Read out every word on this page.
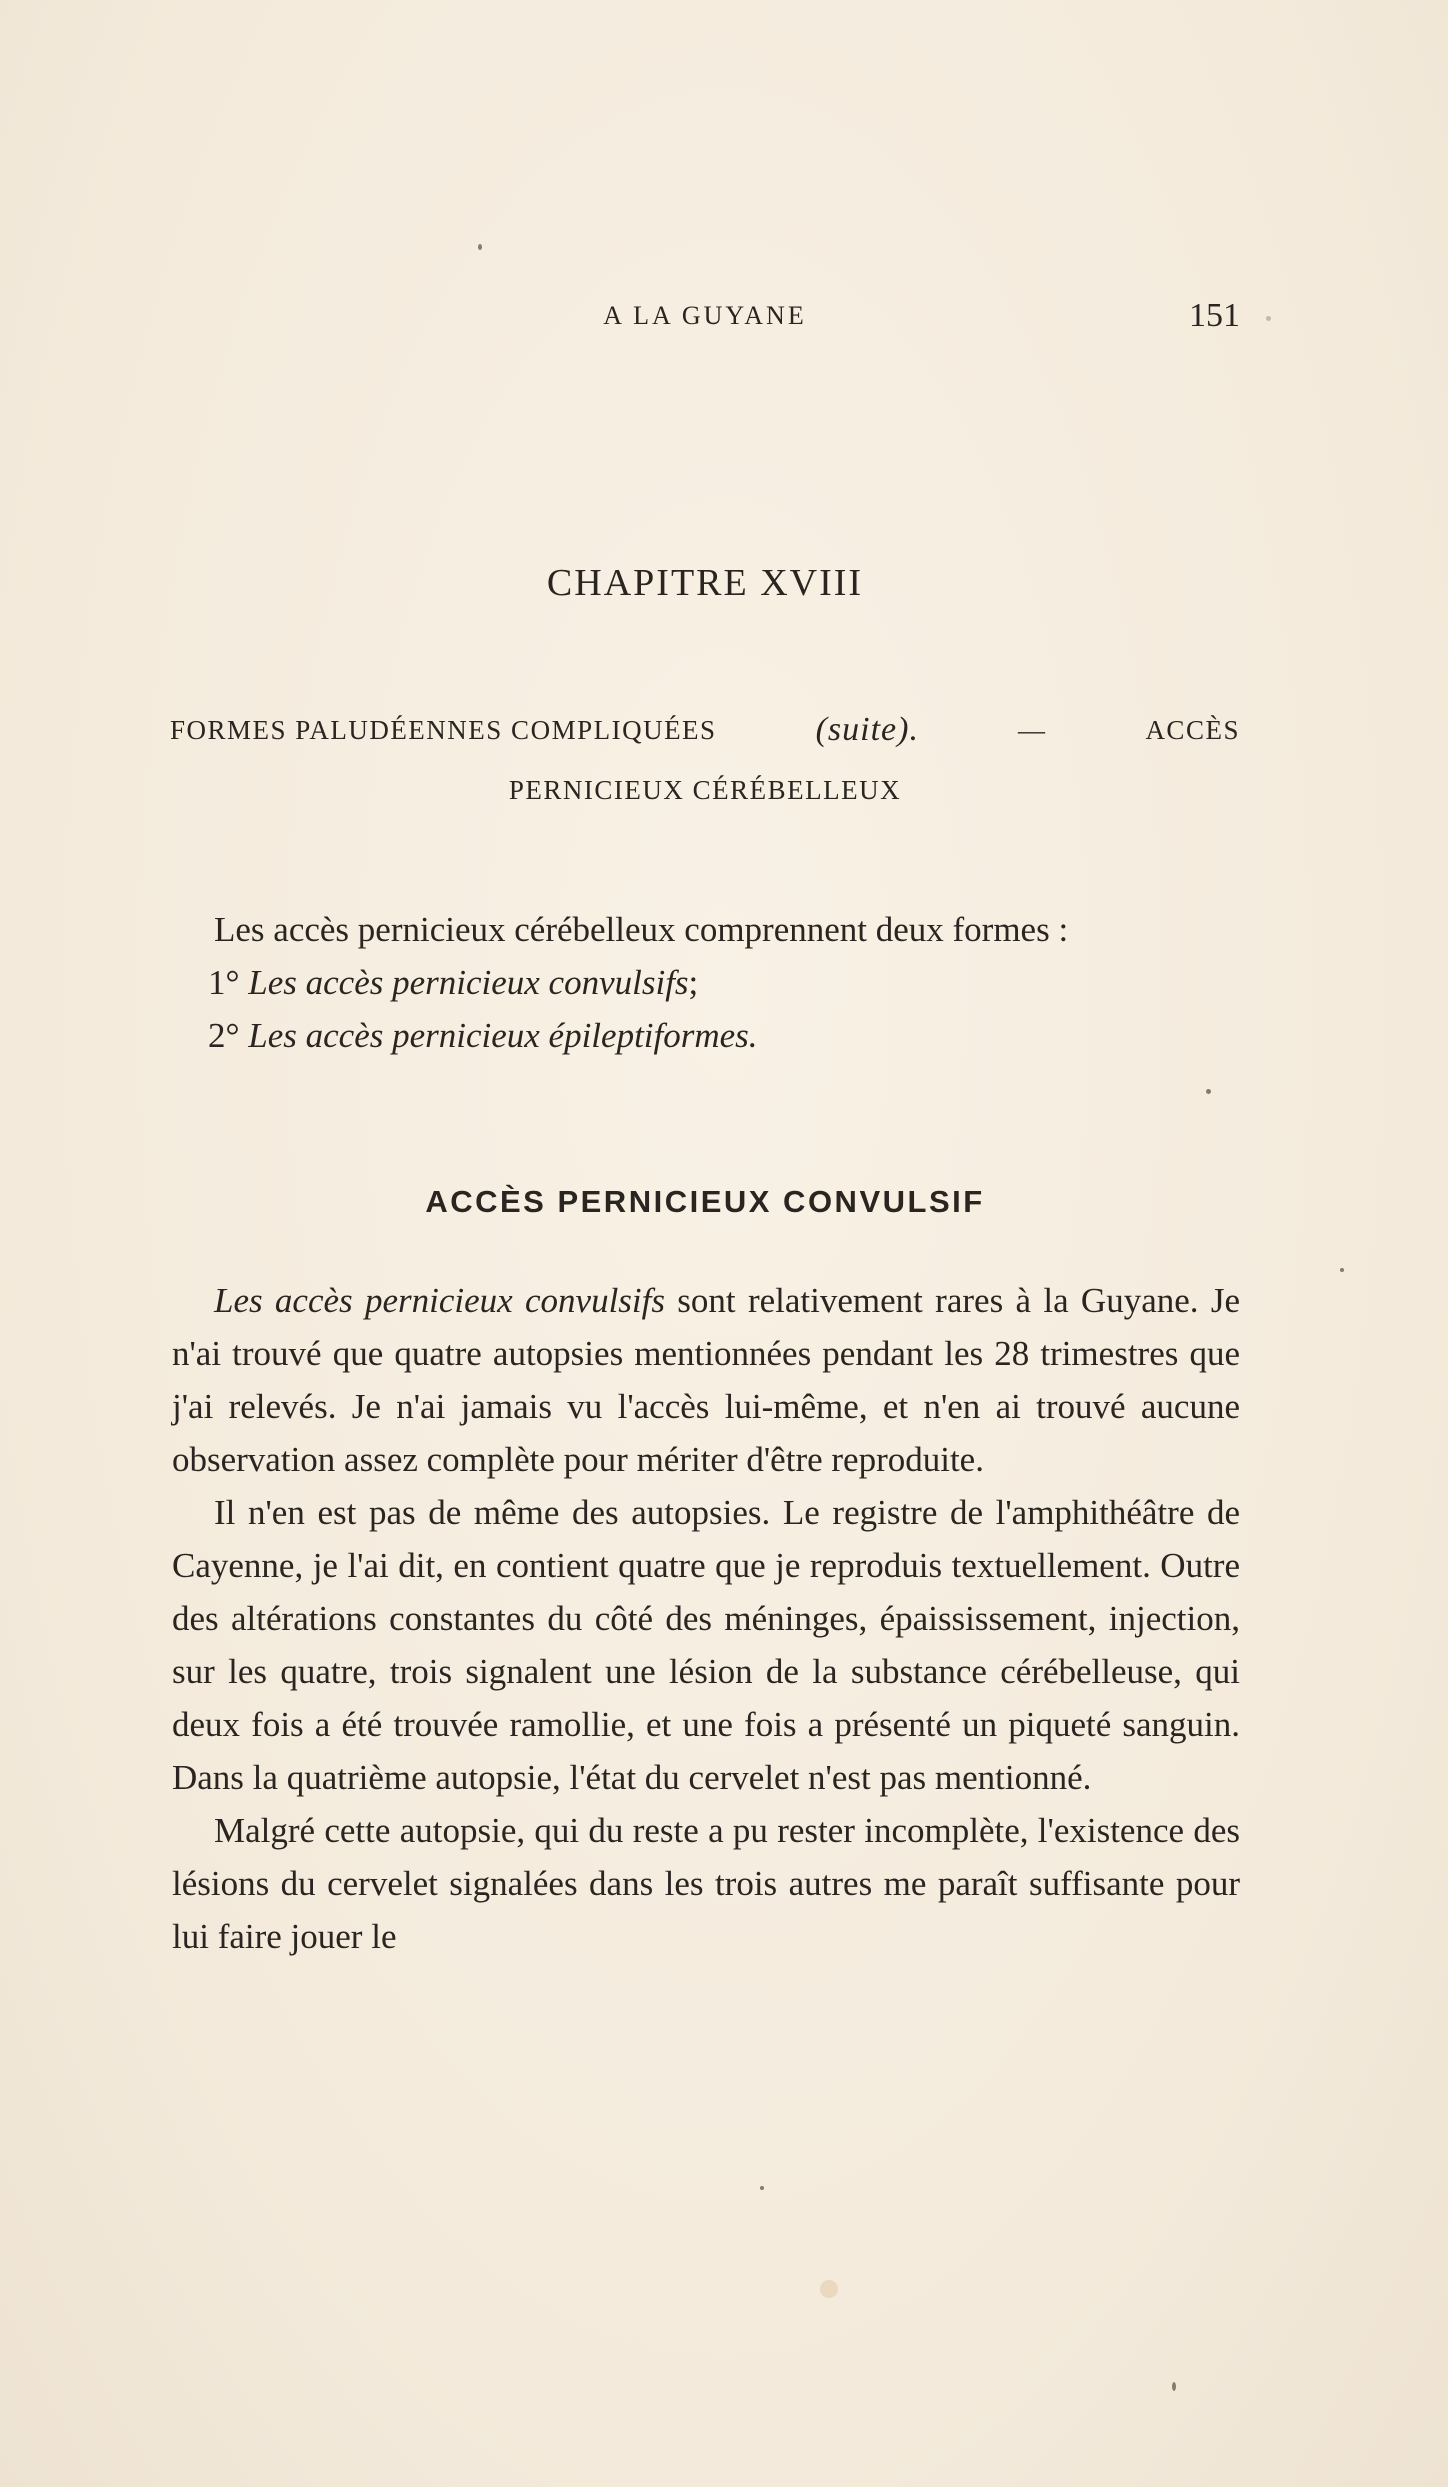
A LA GUYANE	151
CHAPITRE XVIII
FORMES PALUDÉENNES COMPLIQUÉES	(suite).	—	ACCÈS
PERNICIEUX CÉRÉBELLEUX

Les accès pernicieux cérébelleux comprennent deux formes :

1° Les accès pernicieux convulsifs;
2° Les accès pernicieux épileptiformes.
ACCÈS PERNICIEUX CONVULSIF

Les accès pernicieux convulsifs sont relativement rares à la Guyane. Je n'ai trouvé que quatre autopsies mentionnées pendant les 28 trimestres que j'ai relevés. Je n'ai jamais vu l'accès lui-même, et n'en ai trouvé aucune observation assez complète pour mériter d'être reproduite.

Il n'en est pas de même des autopsies. Le registre de l'amphithéâtre de Cayenne, je l'ai dit, en contient quatre que je reproduis textuellement. Outre des altérations constantes du côté des méninges, épaississement, injection, sur les quatre, trois signalent une lésion de la substance cérébelleuse, qui deux fois a été trouvée ramollie, et une fois a présenté un piqueté sanguin. Dans la quatrième autopsie, l'état du cervelet n'est pas mentionné.

Malgré cette autopsie, qui du reste a pu rester incomplète, l'existence des lésions du cervelet signalées dans les trois autres me paraît suffisante pour lui faire jouer le
